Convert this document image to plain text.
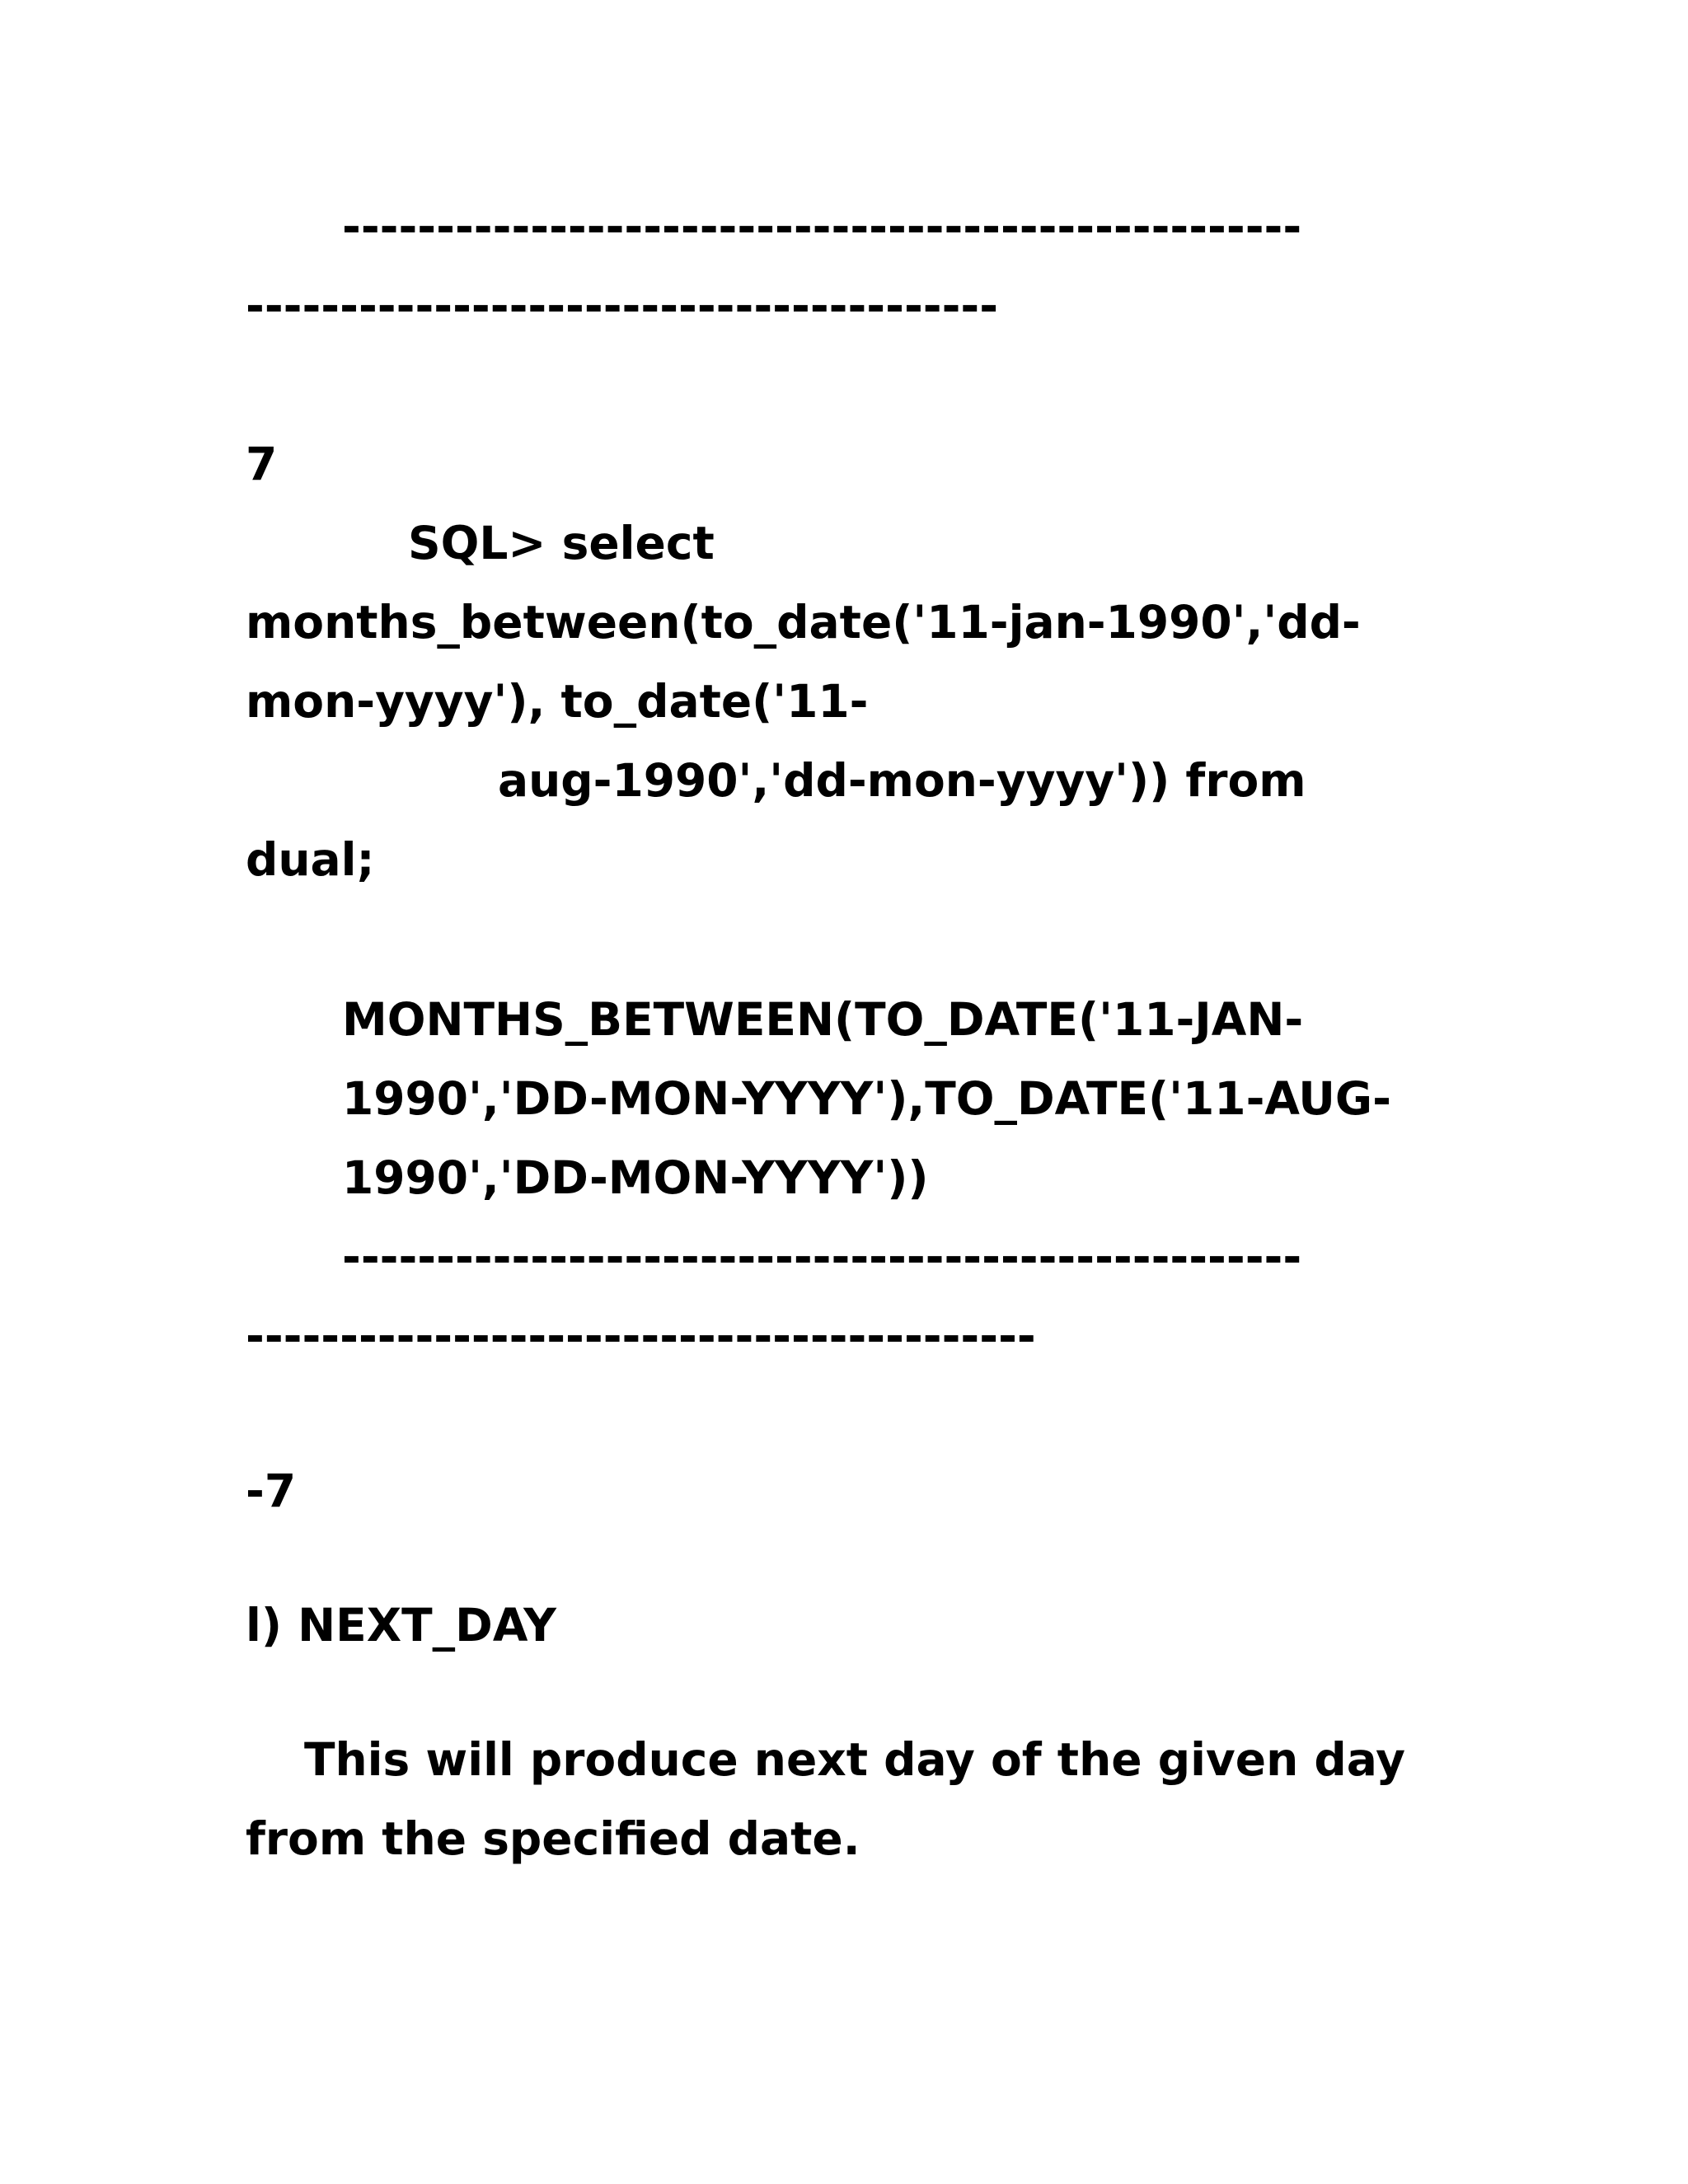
---------------------------------------------------
----------------------------------------
7
SQL> select
months_between(to_date('11-jan-1990','dd-
mon-yyyy'), to_date('11-
aug-1990','dd-mon-yyyy')) from
dual;
MONTHS_BETWEEN(TO_DATE('11-JAN-
1990','DD-MON-YYYY'),TO_DATE('11-AUG-
1990','DD-MON-YYYY'))
---------------------------------------------------
------------------------------------------
-7
l) NEXT_DAY
This will produce next day of the given day
from the specified date.
